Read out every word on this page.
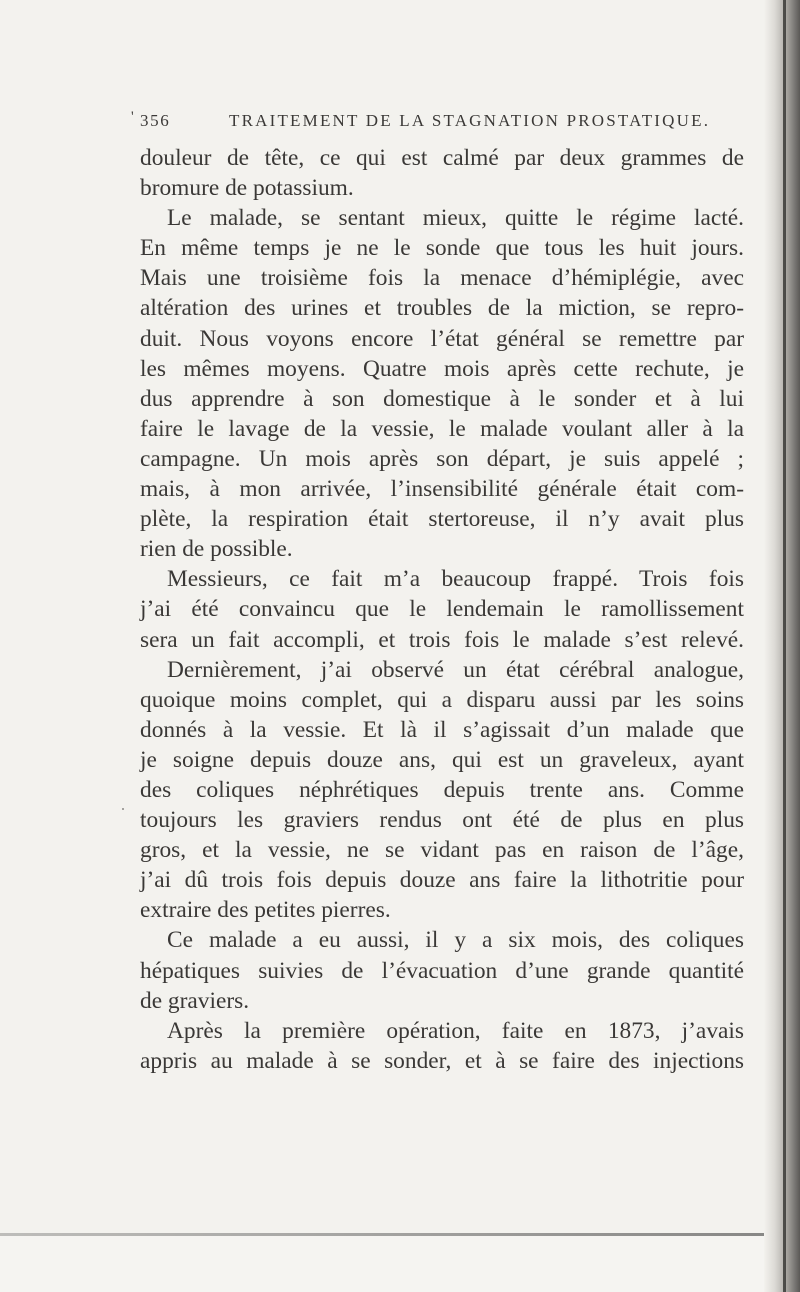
' 356	TRAITEMENT DE LA STAGNATION PROSTATIQUE.

douleur de tête, ce qui est calmé par deux grammes de

bromure de potassium.

Le malade, se sentant mieux, quitte le régime lacté.

En même temps je ne le sonde que tous les huit jours.

Mais une troisième fois la menace d’hémiplégie, avec

altération des urines et troubles de la miction, se repro-

duit. Nous voyons encore l’état général se remettre par

les mêmes moyens. Quatre mois après cette rechute, je

dus apprendre à son domestique à le sonder et à lui

faire le lavage de la vessie, le malade voulant aller à la

campagne. Un mois après son départ, je suis appelé ;

mais, à mon arrivée, l’insensibilité générale était com-

plète, la respiration était stertoreuse, il n’y avait plus

rien de possible.

Messieurs, ce fait m’a beaucoup frappé. Trois fois

j’ai été convaincu que le lendemain le ramollissement

sera un fait accompli, et trois fois le malade s’est relevé.

Dernièrement, j’ai observé un état cérébral analogue,

quoique moins complet, qui a disparu aussi par les soins

donnés à la vessie. Et là il s’agissait d’un malade que

je soigne depuis douze ans, qui est un graveleux, ayant

des coliques néphrétiques depuis trente ans. Comme

toujours les graviers rendus ont été de plus en plus

gros, et la vessie, ne se vidant pas en raison de l’âge,

j’ai dû trois fois depuis douze ans faire la lithotritie pour

extraire des petites pierres.

Ce malade a eu aussi, il y a six mois, des coliques

hépatiques suivies de l’évacuation d’une grande quantité

de graviers.

Après la première opération, faite en 1873, j’avais

appris au malade à se sonder, et à se faire des injections
